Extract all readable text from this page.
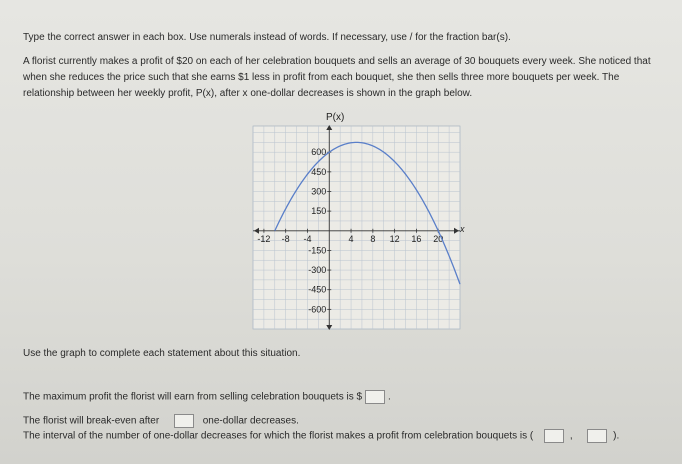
Type the correct answer in each box. Use numerals instead of words. If necessary, use / for the fraction bar(s).
A florist currently makes a profit of $20 on each of her celebration bouquets and sells an average of 30 bouquets every week. She noticed that when she reduces the price such that she earns $1 less in profit from each bouquet, she then sells three more bouquets per week. The relationship between her weekly profit, P(x), after x one-dollar decreases is shown in the graph below.
-12 -8 -4	4 8 12 16 20
600
450
300
150
-150
-300
-450
-600
P(x)
x
Use the graph to complete each statement about this situation.
The maximum profit the florist will earn from selling celebration bouquets is $	.
The florist will break-even after	one-dollar decreases.
The interval of the number of one-dollar decreases for which the florist makes a profit from celebration bouquets is (	,	).
